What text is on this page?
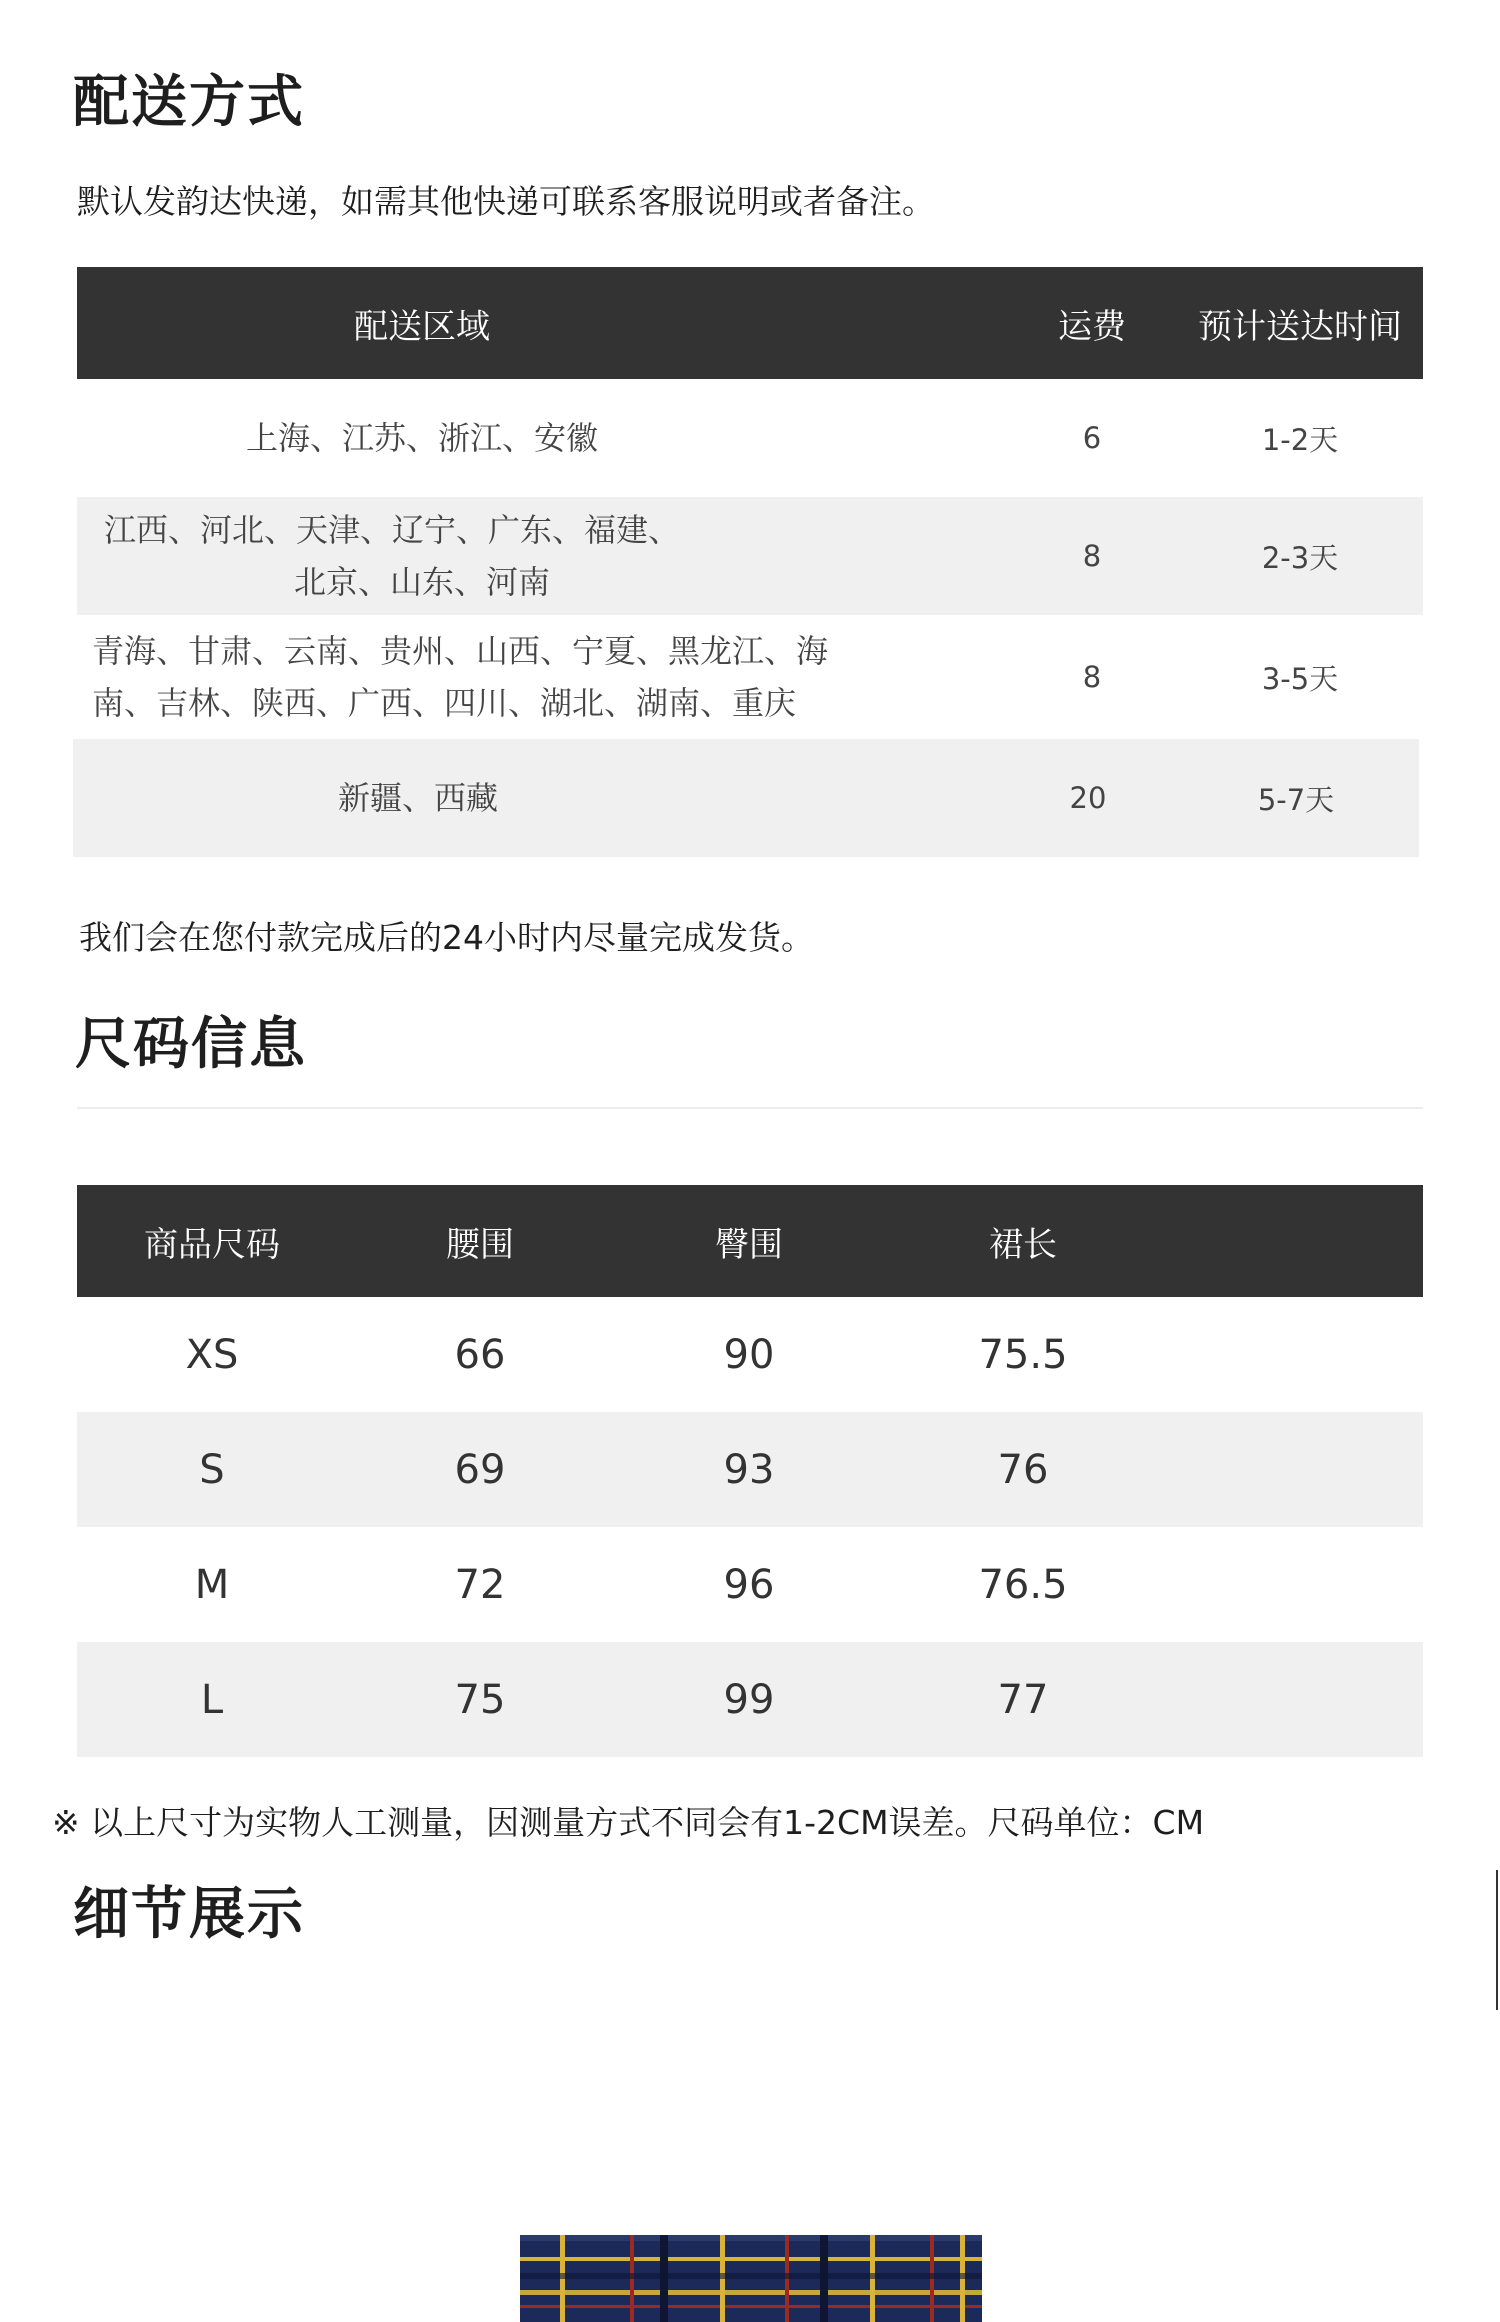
配送方式
默认发韵达快递，如需其他快递可联系客服说明或者备注。
配送区域	运费	预计送达时间
上海、江苏、浙江、安徽	6	1-2天
江西、河北、天津、辽宁、广东、福建、
北京、山东、河南
8	2-3天
青海、甘肃、云南、贵州、山西、宁夏、黑龙江、海
南、吉林、陕西、广西、四川、湖北、湖南、重庆
8	3-5天
新疆、西藏	20	5-7天
我们会在您付款完成后的24小时内尽量完成发货。
尺码信息
商品尺码	腰围	臀围	裙长
XS	66	90	75.5
S	69	93	76
M	72	96	76.5
L	75	99	77
※ 以上尺寸为实物人工测量，因测量方式不同会有1-2CM误差。尺码单位：CM
细节展示
